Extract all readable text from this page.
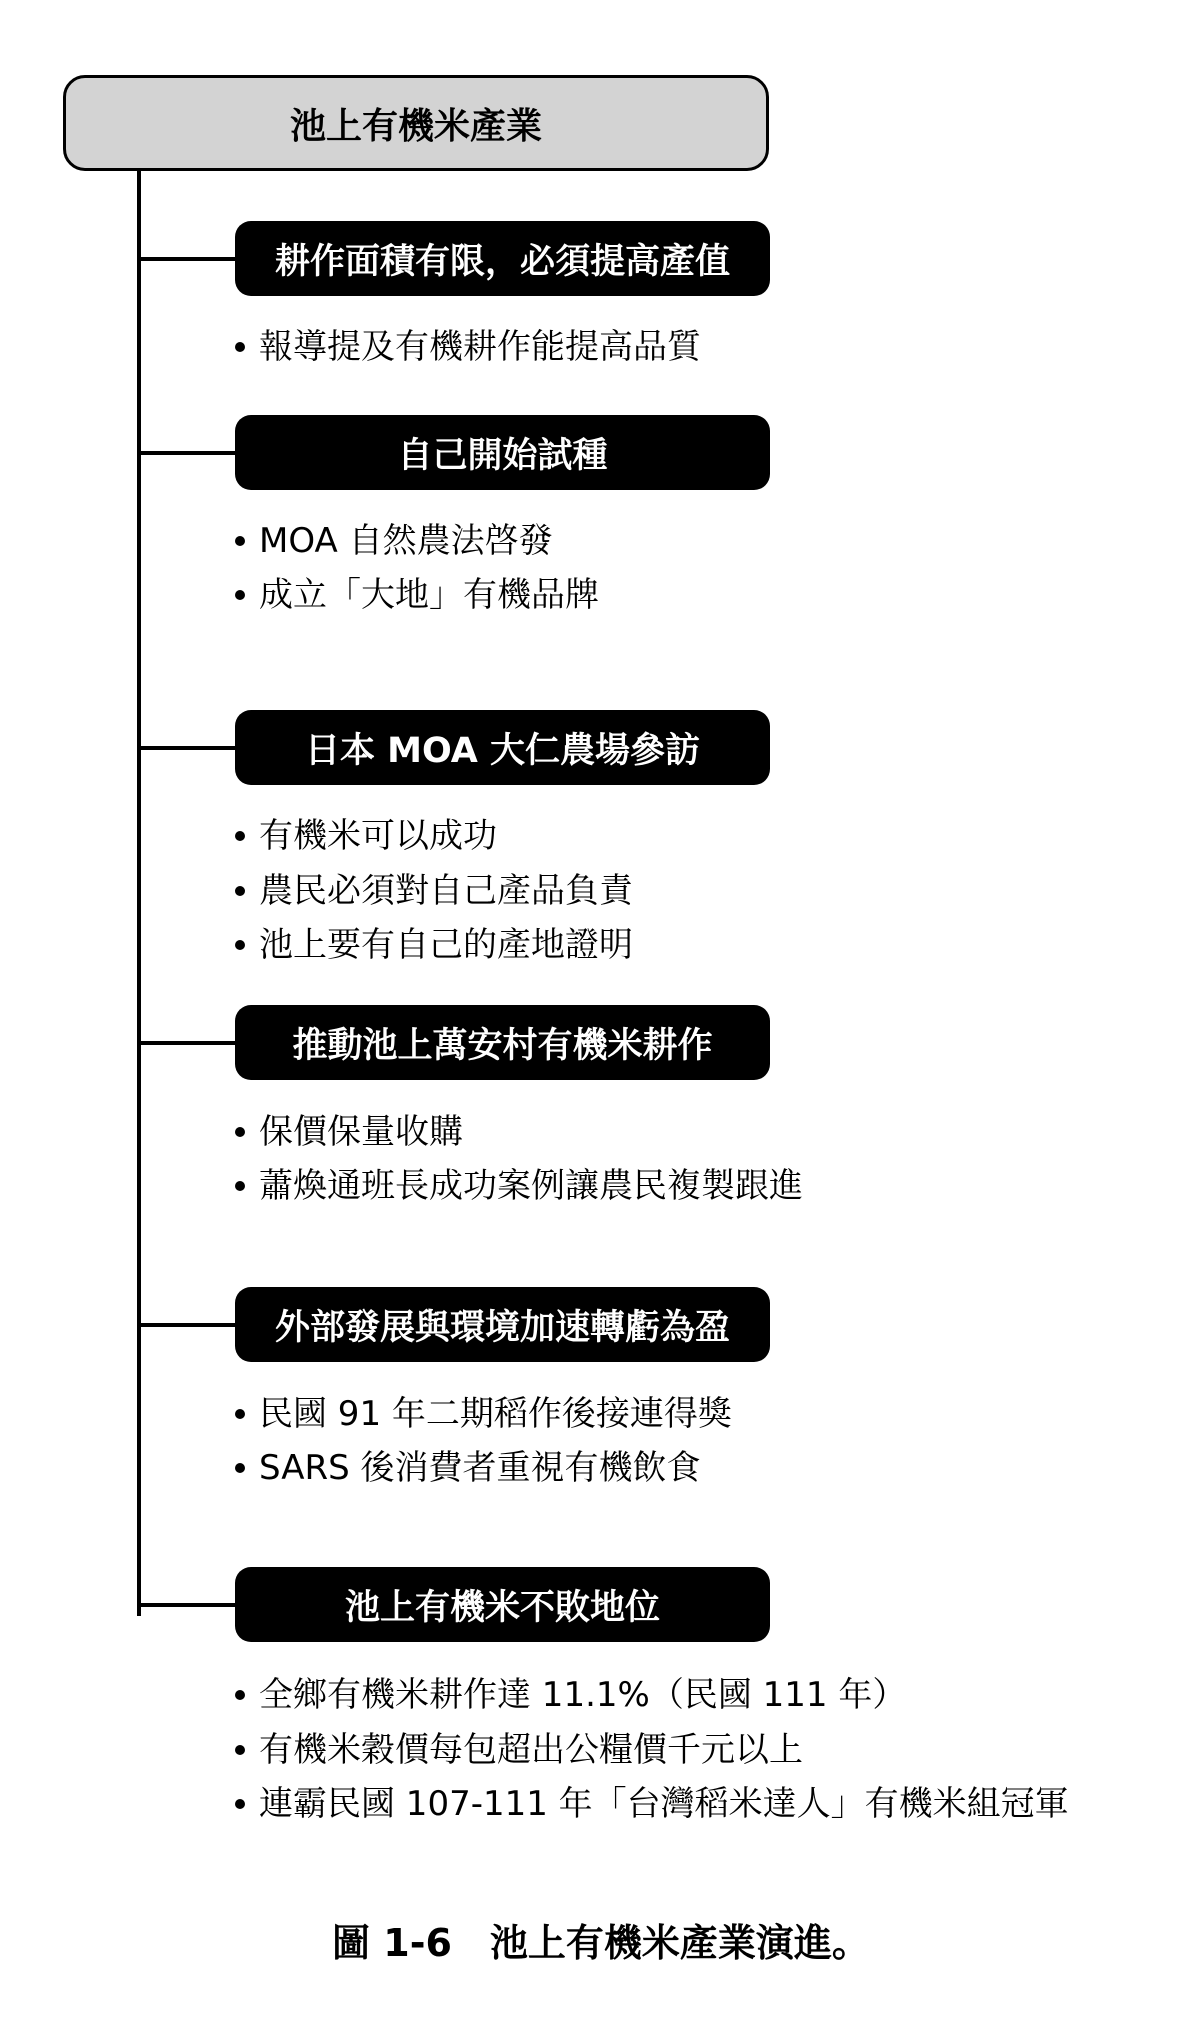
池上有機米產業
耕作面積有限，必須提高產值
報導提及有機耕作能提高品質
自己開始試種
MOA 自然農法啓發
成立「大地」有機品牌
日本 MOA 大仁農場參訪
有機米可以成功
農民必須對自己產品負責
池上要有自己的產地證明
推動池上萬安村有機米耕作
保價保量收購
蕭煥通班長成功案例讓農民複製跟進
外部發展與環境加速轉虧為盈
民國 91 年二期稻作後接連得獎
SARS 後消費者重視有機飲食
池上有機米不敗地位
全鄉有機米耕作達 11.1%（民國 111 年）
有機米穀價每包超出公糧價千元以上
連霸民國 107-111 年「台灣稻米達人」有機米組冠軍
圖 1-6　池上有機米產業演進。
